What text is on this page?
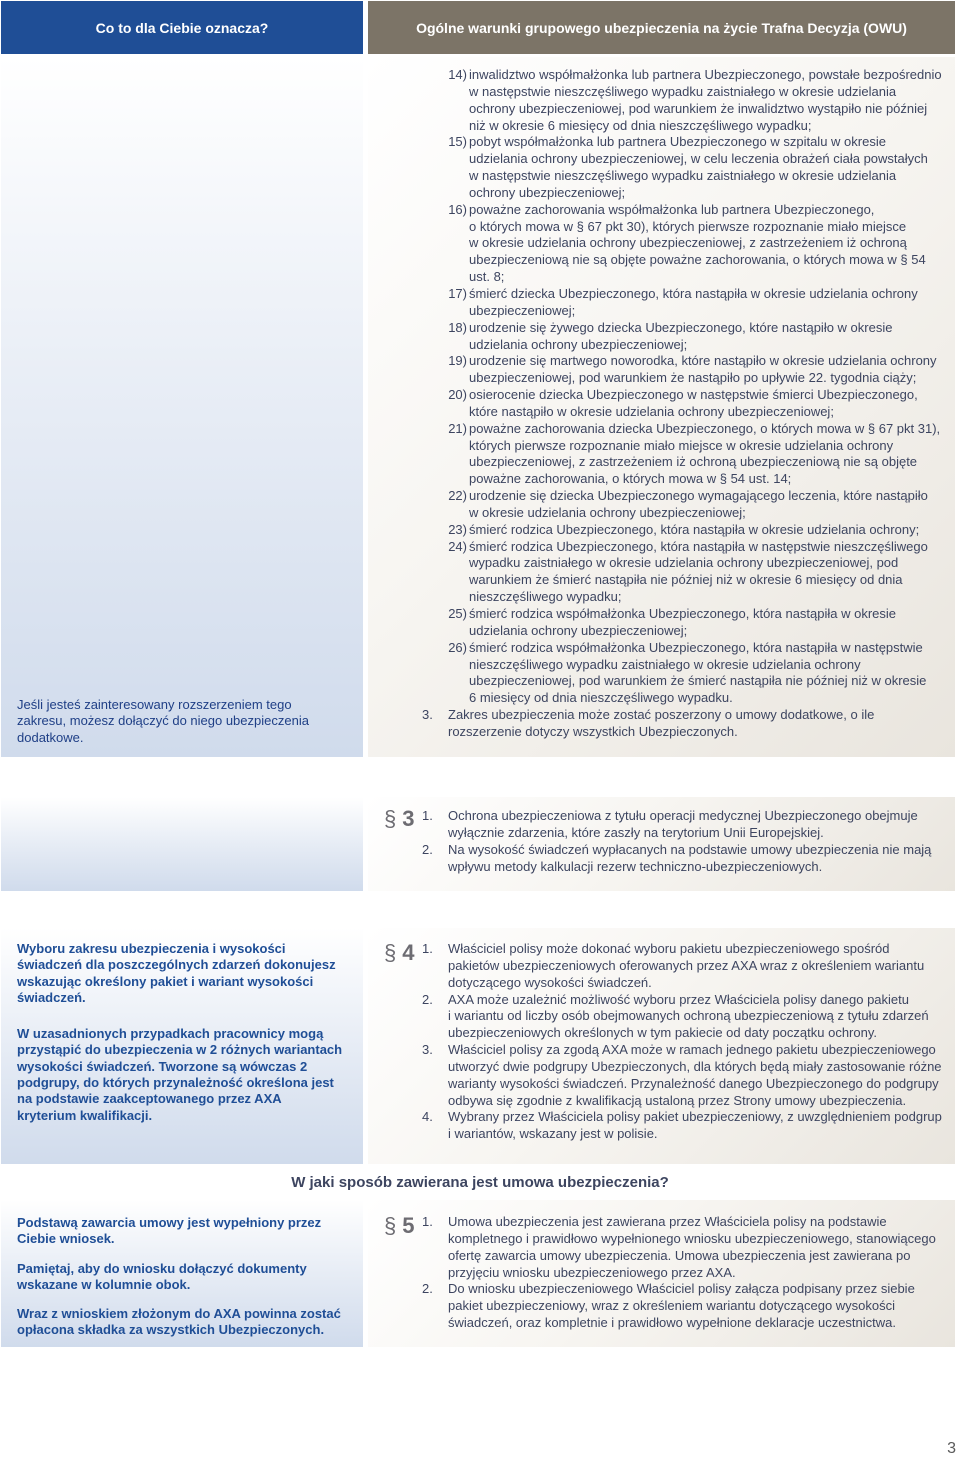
Co to dla Ciebie oznacza?	Ogólne warunki grupowego ubezpieczenia na życie Trafna Decyzja (OWU)

Jeśli jesteś zainteresowany rozszerzeniem tego zakresu, możesz dołączyć do niego ubezpieczenia dodatkowe.

14) inwalidztwo współmałżonka lub partnera Ubezpieczonego, powstałe bezpośrednio
w następstwie nieszczęśliwego wypadku zaistniałego w okresie udzielania
ochrony ubezpieczeniowej, pod warunkiem że inwalidztwo wystąpiło nie później
niż w okresie 6 miesięcy od dnia nieszczęśliwego wypadku;
15) pobyt współmałżonka lub partnera Ubezpieczonego w szpitalu w okresie
udzielania ochrony ubezpieczeniowej, w celu leczenia obrażeń ciała powstałych
w następstwie nieszczęśliwego wypadku zaistniałego w okresie udzielania
ochrony ubezpieczeniowej;
16) poważne zachorowania współmałżonka lub partnera Ubezpieczonego,
o których mowa w § 67 pkt 30), których pierwsze rozpoznanie miało miejsce
w okresie udzielania ochrony ubezpieczeniowej, z zastrzeżeniem iż ochroną
ubezpieczeniową nie są objęte poważne zachorowania, o których mowa w § 54
ust. 8;
17) śmierć dziecka Ubezpieczonego, która nastąpiła w okresie udzielania ochrony
ubezpieczeniowej;
18) urodzenie się żywego dziecka Ubezpieczonego, które nastąpiło w okresie
udzielania ochrony ubezpieczeniowej;
19) urodzenie się martwego noworodka, które nastąpiło w okresie udzielania ochrony
ubezpieczeniowej, pod warunkiem że nastąpiło po upływie 22. tygodnia ciąży;
20) osierocenie dziecka Ubezpieczonego w następstwie śmierci Ubezpieczonego,
które nastąpiło w okresie udzielania ochrony ubezpieczeniowej;
21) poważne zachorowania dziecka Ubezpieczonego, o których mowa w § 67 pkt 31),
których pierwsze rozpoznanie miało miejsce w okresie udzielania ochrony
ubezpieczeniowej, z zastrzeżeniem iż ochroną ubezpieczeniową nie są objęte
poważne zachorowania, o których mowa w § 54 ust. 14;
22) urodzenie się dziecka Ubezpieczonego wymagającego leczenia, które nastąpiło
w okresie udzielania ochrony ubezpieczeniowej;
23) śmierć rodzica Ubezpieczonego, która nastąpiła w okresie udzielania ochrony;
24) śmierć rodzica Ubezpieczonego, która nastąpiła w następstwie nieszczęśliwego
wypadku zaistniałego w okresie udzielania ochrony ubezpieczeniowej, pod
warunkiem że śmierć nastąpiła nie później niż w okresie 6 miesięcy od dnia
nieszczęśliwego wypadku;
25) śmierć rodzica współmałżonka Ubezpieczonego, która nastąpiła w okresie
udzielania ochrony ubezpieczeniowej;
26) śmierć rodzica współmałżonka Ubezpieczonego, która nastąpiła w następstwie
nieszczęśliwego wypadku zaistniałego w okresie udzielania ochrony
ubezpieczeniowej, pod warunkiem że śmierć nastąpiła nie później niż w okresie
6 miesięcy od dnia nieszczęśliwego wypadku.
3.	Zakres ubezpieczenia może zostać poszerzony o umowy dodatkowe, o ile
rozszerzenie dotyczy wszystkich Ubezpieczonych.
§ 3 1.	Ochrona ubezpieczeniowa z tytułu operacji medycznej Ubezpieczonego obejmuje
wyłącznie zdarzenia, które zaszły na terytorium Unii Europejskiej.
2.	Na wysokość świadczeń wypłacanych na podstawie umowy ubezpieczenia nie mają
wpływu metody kalkulacji rezerw techniczno-ubezpieczeniowych.

Wyboru zakresu ubezpieczenia i wysokości świadczeń dla poszczególnych zdarzeń dokonujesz wskazując określony pakiet i wariant wysokości świadczeń.

W uzasadnionych przypadkach pracownicy mogą przystąpić do ubezpieczenia w 2 różnych wariantach wysokości świadczeń. Tworzone są wówczas 2 podgrupy, do których przynależność określona jest na podstawie zaakceptowanego przez AXA kryterium kwalifikacji.

§ 4 1.	Właściciel polisy może dokonać wyboru pakietu ubezpieczeniowego spośród
pakietów ubezpieczeniowych oferowanych przez AXA wraz z określeniem wariantu
dotyczącego wysokości świadczeń.
2.	AXA może uzależnić możliwość wyboru przez Właściciela polisy danego pakietu
i wariantu od liczby osób obejmowanych ochroną ubezpieczeniową z tytułu zdarzeń
ubezpieczeniowych określonych w tym pakiecie od daty początku ochrony.
3.	Właściciel polisy za zgodą AXA może w ramach jednego pakietu ubezpieczeniowego
utworzyć dwie podgrupy Ubezpieczonych, dla których będą miały zastosowanie różne
warianty wysokości świadczeń. Przynależność danego Ubezpieczonego do podgrupy
odbywa się zgodnie z kwalifikacją ustaloną przez Strony umowy ubezpieczenia.
4.	Wybrany przez Właściciela polisy pakiet ubezpieczeniowy, z uwzględnieniem podgrup
i wariantów, wskazany jest w polisie.
W jaki sposób zawierana jest umowa ubezpieczenia?

Podstawą zawarcia umowy jest wypełniony przez Ciebie wniosek.

Pamiętaj, aby do wniosku dołączyć dokumenty wskazane w kolumnie obok.

Wraz z wnioskiem złożonym do AXA powinna zostać opłacona składka za wszystkich Ubezpieczonych.

§ 5 1.	Umowa ubezpieczenia jest zawierana przez Właściciela polisy na podstawie
kompletnego i prawidłowo wypełnionego wniosku ubezpieczeniowego, stanowiącego
ofertę zawarcia umowy ubezpieczenia. Umowa ubezpieczenia jest zawierana po
przyjęciu wniosku ubezpieczeniowego przez AXA.
2.	Do wniosku ubezpieczeniowego Właściciel polisy załącza podpisany przez siebie
pakiet ubezpieczeniowy, wraz z określeniem wariantu dotyczącego wysokości
świadczeń, oraz kompletnie i prawidłowo wypełnione deklaracje uczestnictwa.
3
